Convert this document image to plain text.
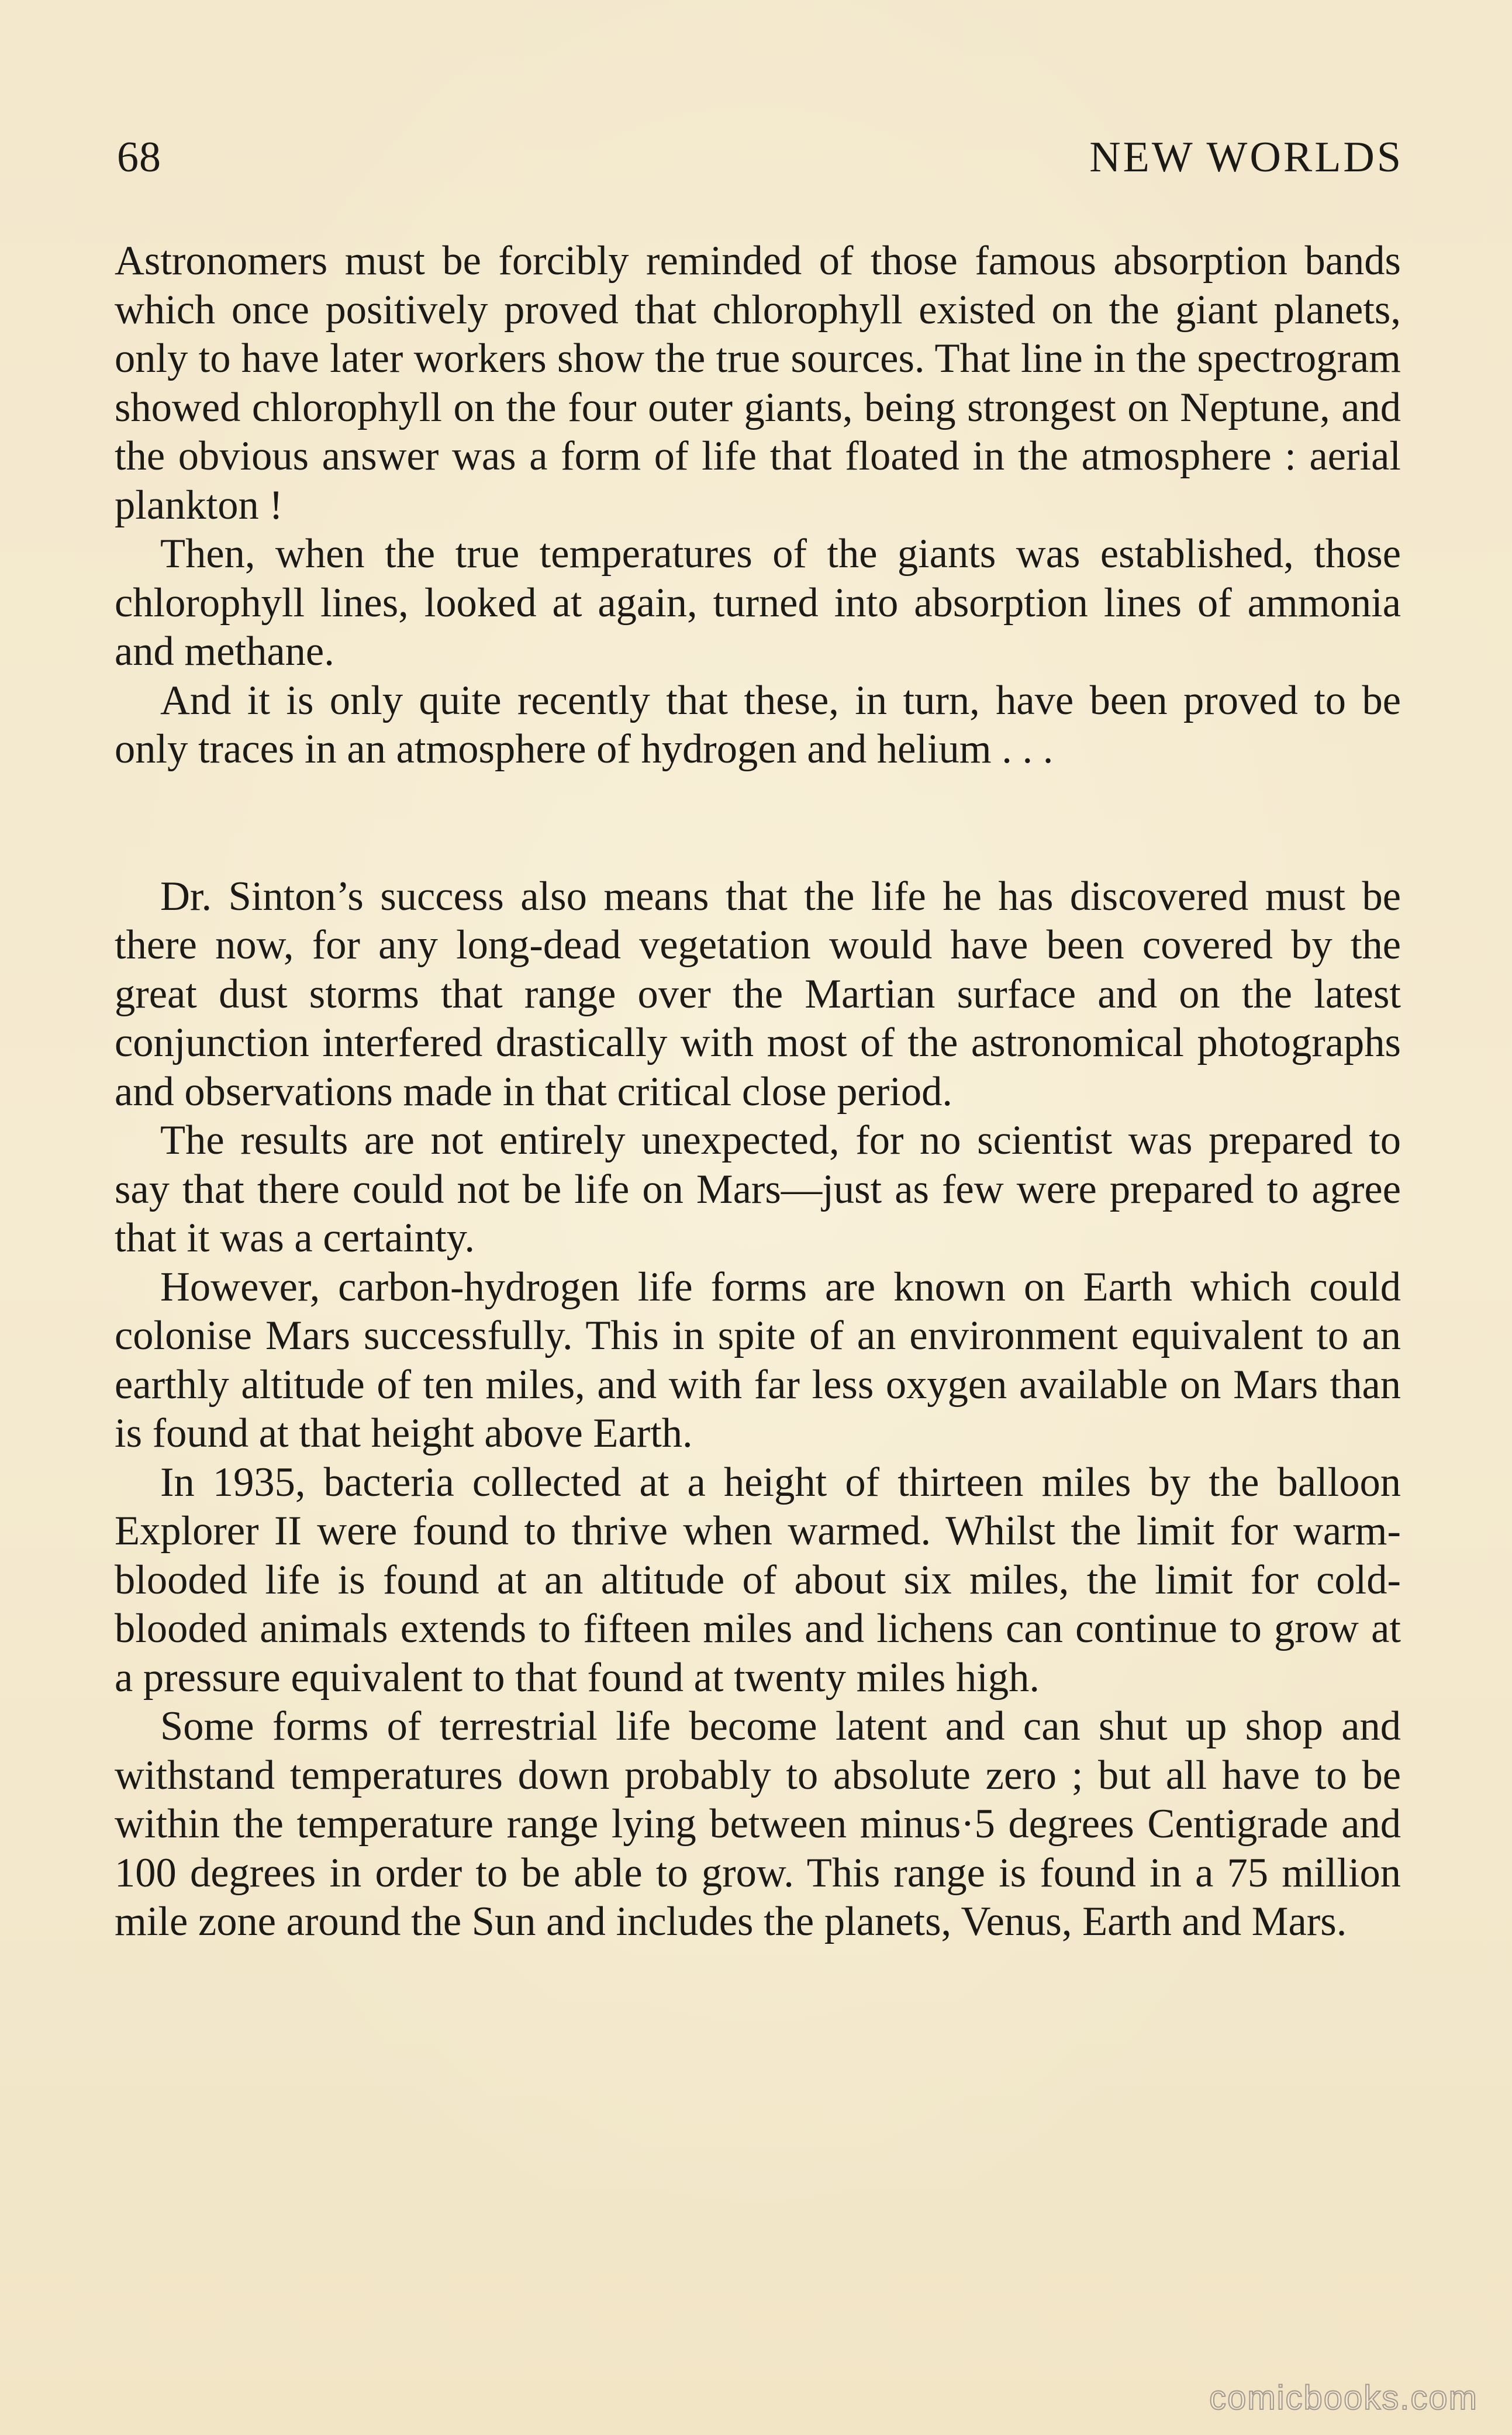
68	NEW WORLDS

Astronomers must be forcibly reminded of those famous absorption bands which once positively proved that chlorophyll existed on the giant planets, only to have later workers show the true sources. That line in the spectrogram showed chlorophyll on the four outer giants, being strongest on Neptune, and the obvious answer was a form of life that floated in the atmosphere : aerial plankton !

Then, when the true temperatures of the giants was established, those chlorophyll lines, looked at again, turned into absorption lines of ammonia and methane.

And it is only quite recently that these, in turn, have been proved to be only traces in an atmosphere of hydrogen and helium . . .

Dr. Sinton’s success also means that the life he has discovered must be there now, for any long-dead vegetation would have been covered by the great dust storms that range over the Martian surface and on the latest conjunction interfered drastically with most of the astronomical photographs and observations made in that critical close period.

The results are not entirely unexpected, for no scientist was prepared to say that there could not be life on Mars—just as few were prepared to agree that it was a certainty.

However, carbon-hydrogen life forms are known on Earth which could colonise Mars successfully. This in spite of an environment equivalent to an earthly altitude of ten miles, and with far less oxygen available on Mars than is found at that height above Earth.

In 1935, bacteria collected at a height of thirteen miles by the balloon Explorer II were found to thrive when warmed. Whilst the limit for warm-blooded life is found at an altitude of about six miles, the limit for cold-blooded animals extends to fifteen miles and lichens can continue to grow at a pressure equivalent to that found at twenty miles high.

Some forms of terrestrial life become latent and can shut up shop and withstand temperatures down probably to absolute zero ; but all have to be within the temperature range lying between minus·5 degrees Centigrade and 100 degrees in order to be able to grow. This range is found in a 75 million mile zone around the Sun and includes the planets, Venus, Earth and Mars.

comicbooks.com
